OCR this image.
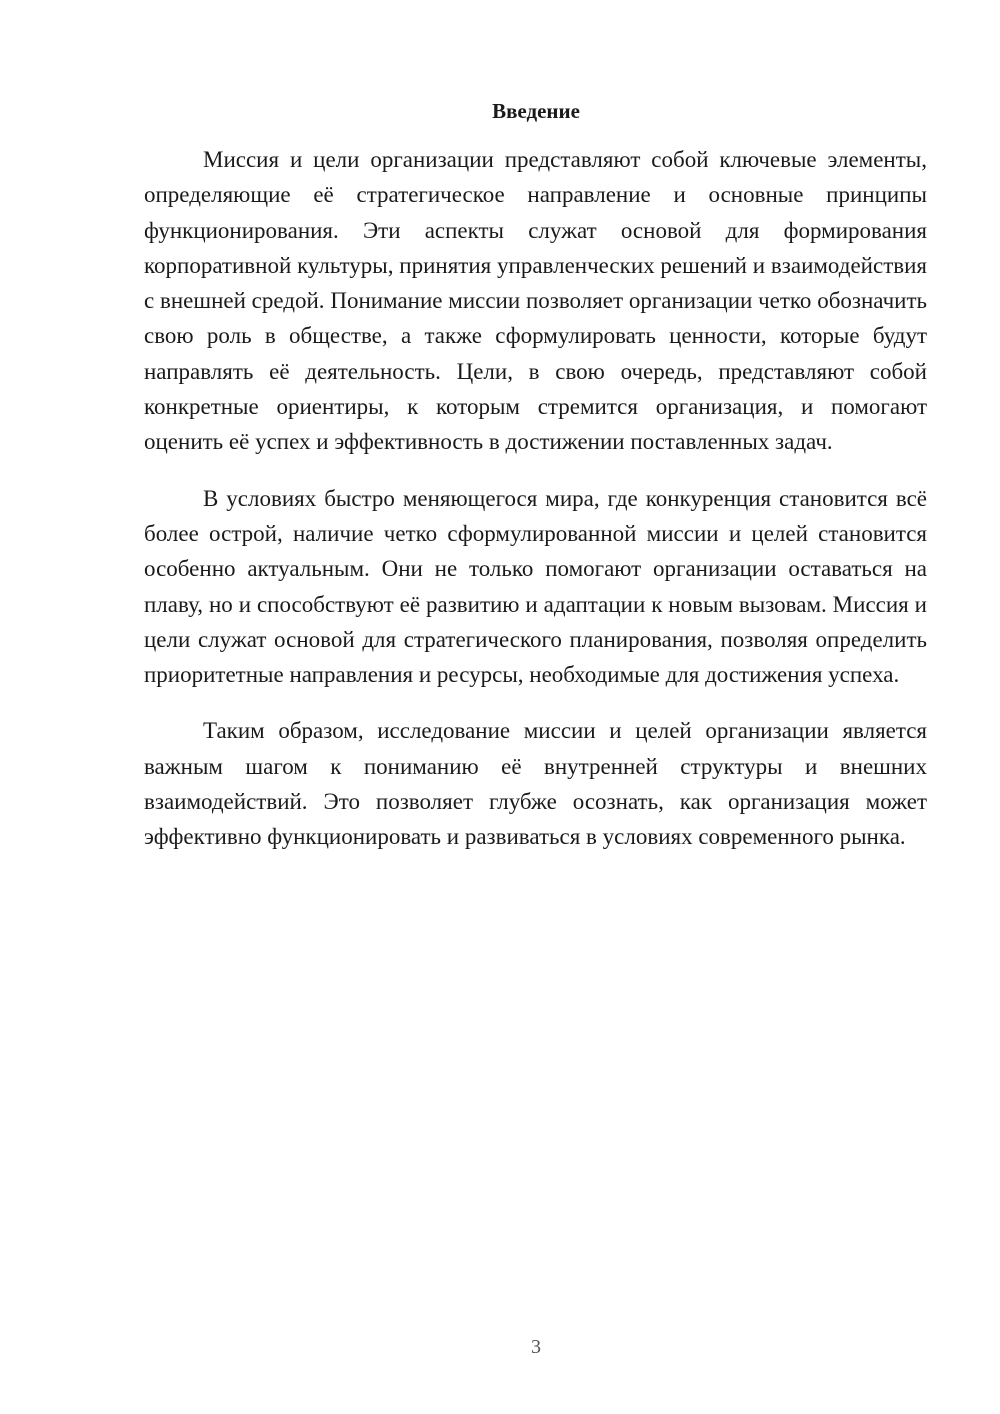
Введение

Миссия и цели организации представляют собой ключевые элементы, определяющие её стратегическое направление и основные принципы функционирования. Эти аспекты служат основой для формирования корпоративной культуры, принятия управленческих решений и взаимодействия с внешней средой. Понимание миссии позволяет организации четко обозначить свою роль в обществе, а также сформулировать ценности, которые будут направлять её деятельность. Цели, в свою очередь, представляют собой конкретные ориентиры, к которым стремится организация, и помогают оценить её успех и эффективность в достижении поставленных задач.

В условиях быстро меняющегося мира, где конкуренция становится всё более острой, наличие четко сформулированной миссии и целей становится особенно актуальным. Они не только помогают организации оставаться на плаву, но и способствуют её развитию и адаптации к новым вызовам. Миссия и цели служат основой для стратегического планирования, позволяя определить приоритетные направления и ресурсы, необходимые для достижения успеха.

Таким образом, исследование миссии и целей организации является важным шагом к пониманию её внутренней структуры и внешних взаимодействий. Это позволяет глубже осознать, как организация может эффективно функционировать и развиваться в условиях современного рынка.

3
